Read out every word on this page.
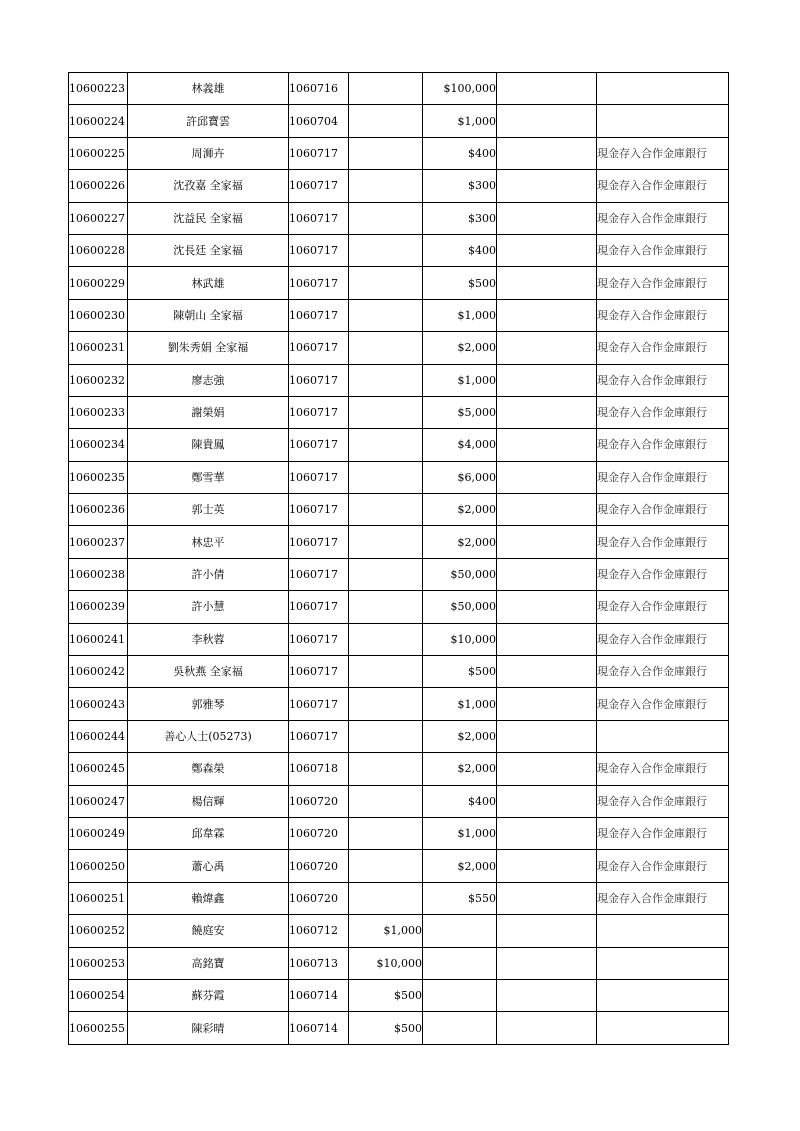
10600223	林義雄	1060716		$100,000		
10600224	許邱寶雲	1060704		$1,000		
10600225	周浉卉	1060717		$400		現金存入合作金庫銀行
10600226	沈孜嘉 全家福	1060717		$300		現金存入合作金庫銀行
10600227	沈益民 全家福	1060717		$300		現金存入合作金庫銀行
10600228	沈長廷 全家福	1060717		$400		現金存入合作金庫銀行
10600229	林武雄	1060717		$500		現金存入合作金庫銀行
10600230	陳朝山 全家福	1060717		$1,000		現金存入合作金庫銀行
10600231	劉朱秀娟 全家福	1060717		$2,000		現金存入合作金庫銀行
10600232	廖志強	1060717		$1,000		現金存入合作金庫銀行
10600233	謝榮娟	1060717		$5,000		現金存入合作金庫銀行
10600234	陳貴鳳	1060717		$4,000		現金存入合作金庫銀行
10600235	鄭雪華	1060717		$6,000		現金存入合作金庫銀行
10600236	郭士英	1060717		$2,000		現金存入合作金庫銀行
10600237	林忠平	1060717		$2,000		現金存入合作金庫銀行
10600238	許小倩	1060717		$50,000		現金存入合作金庫銀行
10600239	許小慧	1060717		$50,000		現金存入合作金庫銀行
10600241	李秋蓉	1060717		$10,000		現金存入合作金庫銀行
10600242	吳秋燕 全家福	1060717		$500		現金存入合作金庫銀行
10600243	郭雅琴	1060717		$1,000		現金存入合作金庫銀行
10600244	善心人士(05273)	1060717		$2,000		
10600245	鄭森榮	1060718		$2,000		現金存入合作金庫銀行
10600247	楊信輝	1060720		$400		現金存入合作金庫銀行
10600249	邱韋霖	1060720		$1,000		現金存入合作金庫銀行
10600250	蕭心禹	1060720		$2,000		現金存入合作金庫銀行
10600251	賴煒鑫	1060720		$550		現金存入合作金庫銀行
10600252	饒庭安	1060712	$1,000			
10600253	高銘寶	1060713	$10,000			
10600254	蘇芬霞	1060714	$500			
10600255	陳彩晴	1060714	$500			
